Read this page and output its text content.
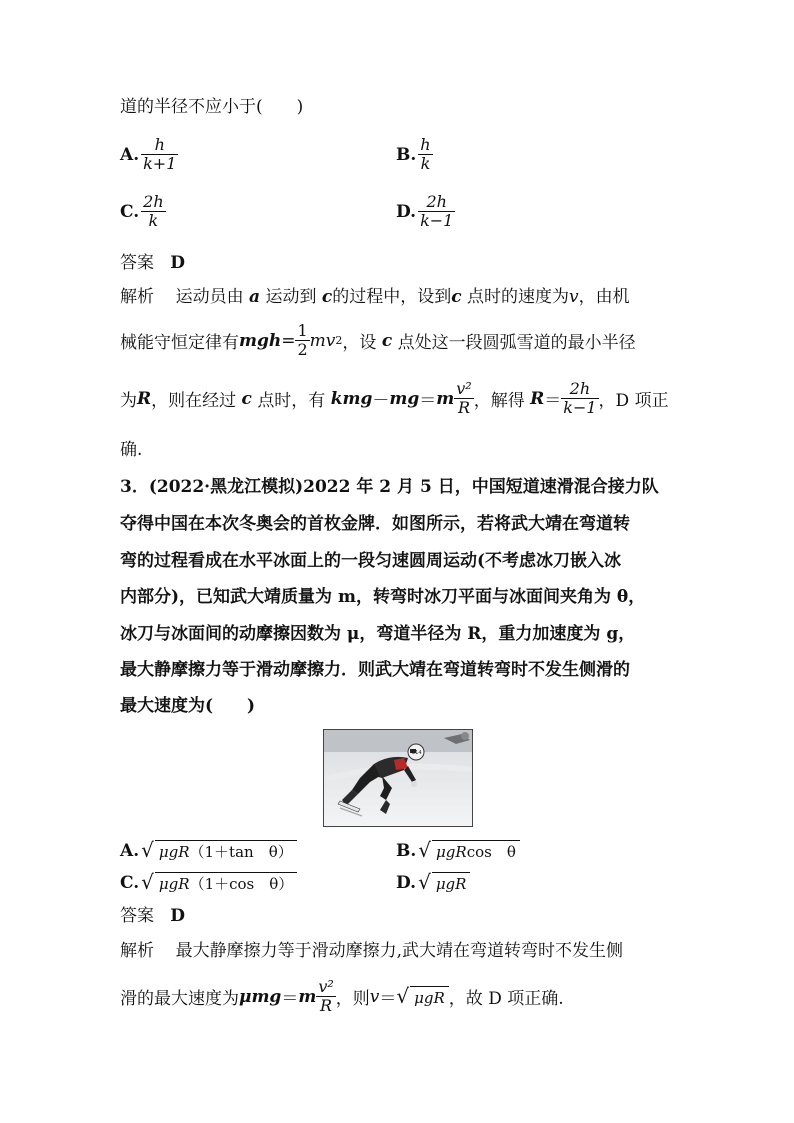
道的半径不应小于(　　)
A. $\frac{h}{k+1}$	B. $\frac{h}{k}$
C. $\frac{2h}{k}$	D. $\frac{2h}{k-1}$
答案 D
解析 运动员由 a 运动到 c的过程中，设到c 点时的速度为v，由机
械能守恒定律有 mgh = $\frac{1}{2}$ mv 2 ，设
c
点处这一段圆弧雪道的最小半径
为 R ，则在经过
c
点时，有
kmg － mg ＝ m $\frac{\text{v²}}{R}$ ，解得
$R = \frac{2h}{k-1}$ ，D 项正
确.
3．(2022·黑龙江模拟)2022 年 2 月 5 日，中国短道速滑混合接力队
夺得中国在本次冬奥会的首枚金牌．如图所示，若将武大靖在弯道转
弯的过程看成在水平冰面上的一段匀速圆周运动(不考虑冰刀嵌入冰
内部分)，已知武大靖质量为 m，转弯时冰刀平面与冰面间夹角为 θ，
冰刀与冰面间的动摩擦因数为 μ，弯道半径为 R，重力加速度为 g，
最大静摩擦力等于滑动摩擦力．则武大靖在弯道转弯时不发生侧滑的
最大速度为(　　)
214
A. √ μgR（1＋tan　θ）	B. √ μgRcos　θ
C. √ μgR（1＋cos　θ）	D. √ μgR
答案 D
解析 最大静摩擦力等于滑动摩擦力,武大靖在弯道转弯时不发生侧
滑的最大速度为 μmg ＝ m $\frac{\text{v²}}{R}$ ，则 v ＝ √ μgR ，故 D 项正确.
